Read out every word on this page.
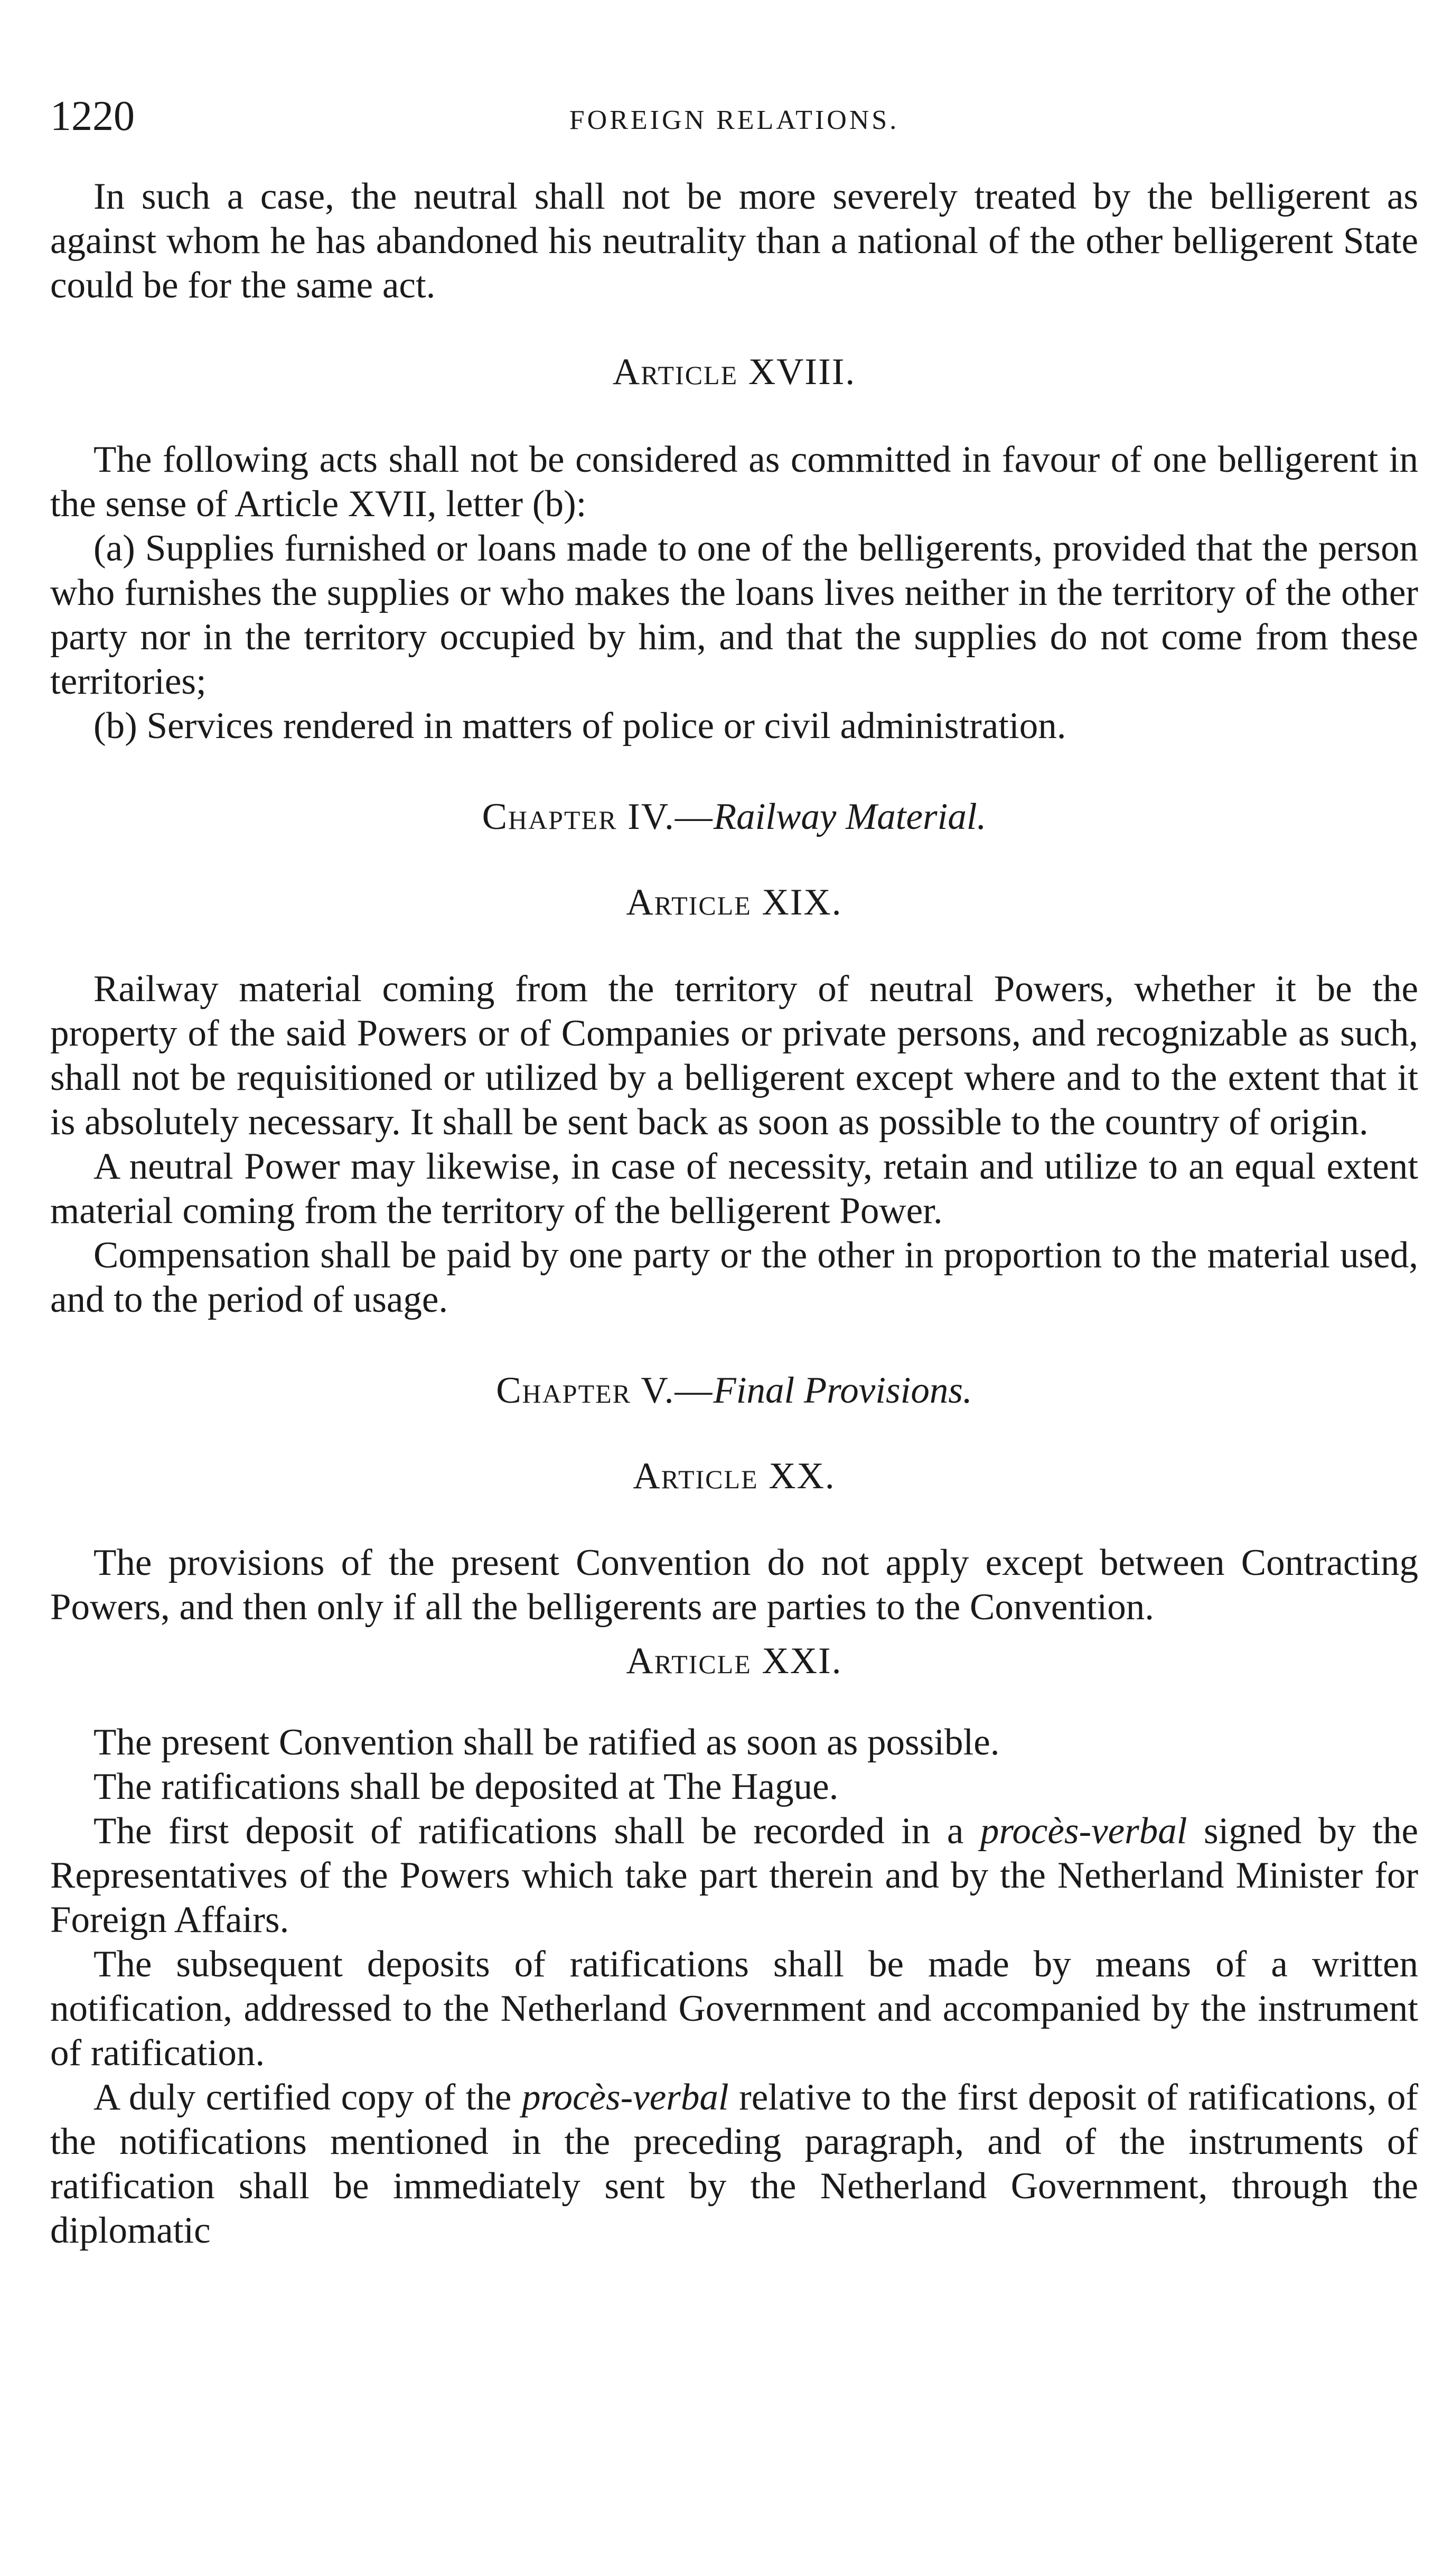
1220	FOREIGN RELATIONS.

In such a case, the neutral shall not be more severely treated by the belligerent as against whom he has abandoned his neutrality than a national of the other belligerent State could be for the same act.

Article XVIII.

The following acts shall not be considered as committed in favour of one belligerent in the sense of Article XVII, letter (b):

(a) Supplies furnished or loans made to one of the belligerents, provided that the person who furnishes the supplies or who makes the loans lives neither in the territory of the other party nor in the territory occupied by him, and that the supplies do not come from these territories;

(b) Services rendered in matters of police or civil administration.

Chapter IV.—Railway Material.
Article XIX.

Railway material coming from the territory of neutral Powers, whether it be the property of the said Powers or of Companies or private persons, and recognizable as such, shall not be requisitioned or utilized by a belligerent except where and to the extent that it is absolutely necessary. It shall be sent back as soon as possible to the country of origin.

A neutral Power may likewise, in case of necessity, retain and utilize to an equal extent material coming from the territory of the belligerent Power.

Compensation shall be paid by one party or the other in proportion to the material used, and to the period of usage.

Chapter V.—Final Provisions.
Article XX.

The provisions of the present Convention do not apply except between Contracting Powers, and then only if all the belligerents are parties to the Convention.

Article XXI.

The present Convention shall be ratified as soon as possible.

The ratifications shall be deposited at The Hague.

The first deposit of ratifications shall be recorded in a procès-verbal signed by the Representatives of the Powers which take part therein and by the Netherland Minister for Foreign Affairs.

The subsequent deposits of ratifications shall be made by means of a written notification, addressed to the Netherland Government and accompanied by the instrument of ratification.

A duly certified copy of the procès-verbal relative to the first deposit of ratifications, of the notifications mentioned in the preceding paragraph, and of the instruments of ratification shall be immediately sent by the Netherland Government, through the diplomatic
